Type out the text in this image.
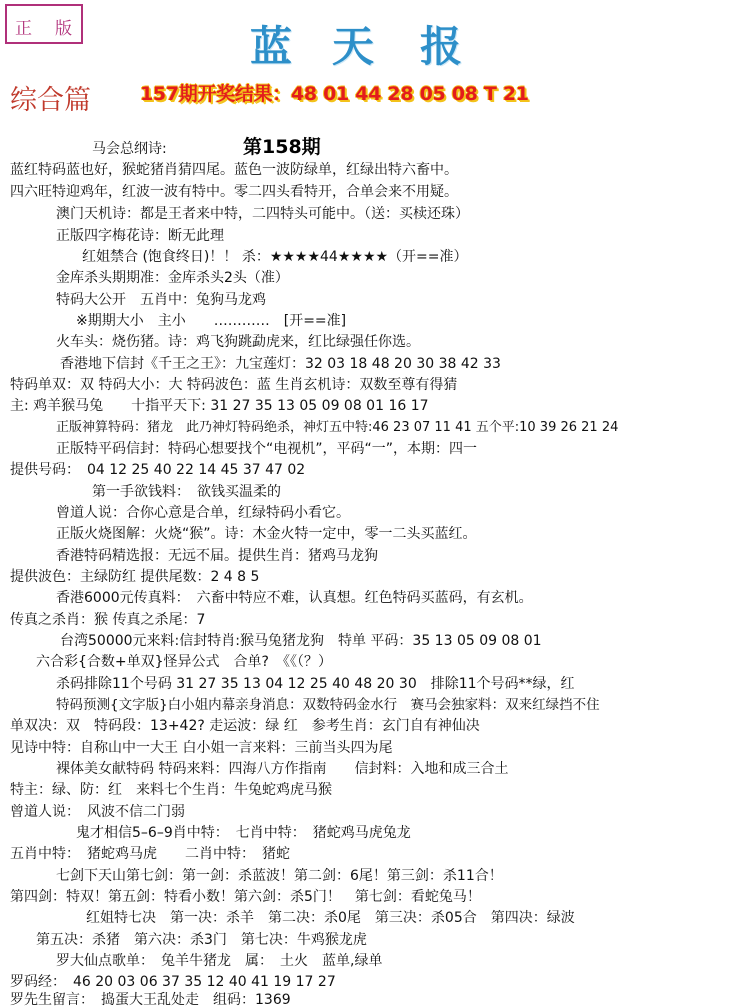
正 版	蓝 天 报
综合篇	157期开奖结果：48 01 44 28 05 08 T 21
第158期
马会总纲诗:
蓝红特码蓝也好，猴蛇猪肖猜四尾。蓝色一波防绿单，红绿出特六畜中。
四六旺特迎鸡年，红波一波有特中。零二四头看特开，合单会来不用疑。
澳门天机诗：都是王者来中特，二四特头可能中。（送：买椟还珠）
正版四字梅花诗：断无此理
红姐禁合 (饱食终日)！！ 杀：★★★★44★★★★（开==准）
金库杀头期期准：金库杀头2头（准）
特码大公开　五肖中：兔狗马龙鸡
※期期大小　主小　　…………　[开==准]
火车头：烧伤猪。诗：鸡飞狗跳勐虎来，红比绿强任你选。
香港地下信封《千王之王》：九宝莲灯：32 03 18 48 20 30 38 42 33
特码单双：双 特码大小：大 特码波色：蓝 生肖玄机诗：双数至尊有得猜
主: 鸡羊猴马兔　　十指平天下: 31 27 35 13 05 09 08 01 16 17
正版神算特码：猪龙　此乃神灯特码绝杀，神灯五中特:46 23 07 11 41 五个平:10 39 26 21 24
正版特平码信封：特码心想要找个“电视机”，平码“一”，本期：四一
提供号码：　04 12 25 40 22 14 45 37 47 02
第一手欲钱料：　欲钱买温柔的
曾道人说：合你心意是合单，红绿特码小看它。
正版火烧图解：火烧“猴”。诗：木金火特一定中，零一二头买蓝红。
香港特码精选报：无远不届。提供生肖：猪鸡马龙狗
提供波色：主绿防红 提供尾数：2 4 8 5
香港6000元传真料：　六畜中特应不难，认真想。红色特码买蓝码，有玄机。
传真之杀肖：猴 传真之杀尾：7
台湾50000元来料:信封特肖:猴马兔猪龙狗　特单 平码：35 13 05 09 08 01
六合彩{合数+单双}怪异公式　合单?　《《（？）
杀码排除11个号码 31 27 35 13 04 12 25 40 48 20 30　排除11个号码**绿，红
特码预测{文字版}白小姐内幕亲身消息：双数特码金水行　赛马会独家料：双来红绿挡不住
单双决：双　特码段：13+42? 走运波：绿 红　参考生肖：玄门自有神仙决
见诗中特：自称山中一大王 白小姐一言来料：三前当头四为尾
裸体美女献特码 特码来料：四海八方作指南　　信封料：入地和成三合土
特主：绿、防：红　来料七个生肖：牛兔蛇鸡虎马猴
曾道人说：　风波不信二门弱
鬼才相信5–6–9肖中特：　七肖中特：　猪蛇鸡马虎兔龙
五肖中特：　猪蛇鸡马虎　　二肖中特：　猪蛇
七剑下天山第七剑：第一剑：杀蓝波！第二剑：6尾！第三剑：杀11合！
第四剑：特双！第五剑：特看小数！第六剑：杀5门！　第七剑：看蛇兔马！
红姐特七决　第一决：杀羊　第二决：杀0尾　第三决：杀05合　第四决：绿波
第五决：杀猪　第六决：杀3门　第七决：牛鸡猴龙虎
罗大仙点歌单：　兔羊牛猪龙　属：　土火　蓝单,绿单
罗码经：　46 20 03 06 37 35 12 40 41 19 17 27
罗先生留言：　捣蛋大王乱处走　组码：1369
